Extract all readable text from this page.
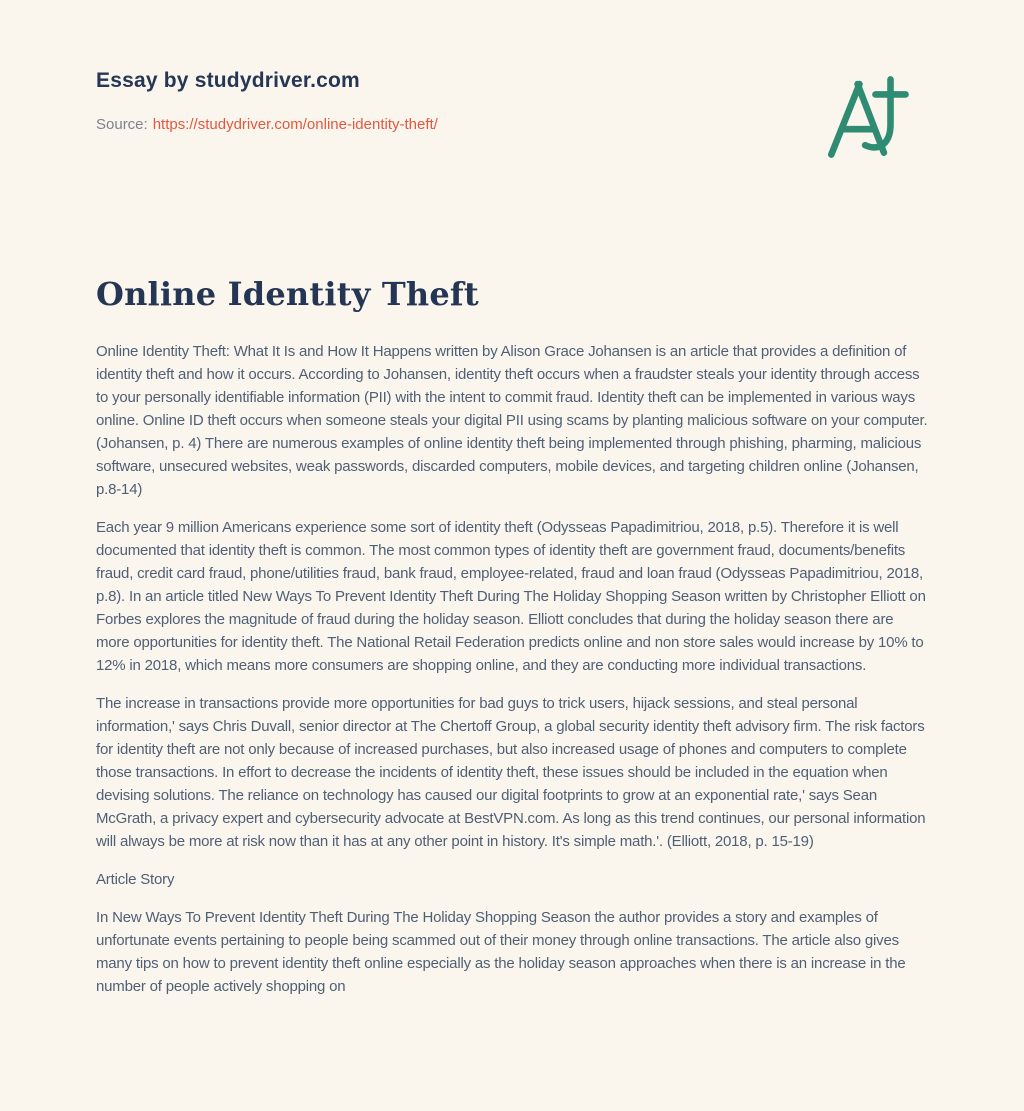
Essay by studydriver.com

Source: https://studydriver.com/online-identity-theft/

Online Identity Theft

Online Identity Theft: What It Is and How It Happens written by Alison Grace Johansen is an article that provides a definition of identity theft and how it occurs. According to Johansen, identity theft occurs when a fraudster steals your identity through access to your personally identifiable information (PII) with the intent to commit fraud. Identity theft can be implemented in various ways online. Online ID theft occurs when someone steals your digital PII using scams by planting malicious software on your computer.(Johansen, p. 4) There are numerous examples of online identity theft being implemented through phishing, pharming, malicious software, unsecured websites, weak passwords, discarded computers, mobile devices, and targeting children online (Johansen, p.8-14)

Each year 9 million Americans experience some sort of identity theft (Odysseas Papadimitriou, 2018, p.5). Therefore it is well documented that identity theft is common. The most common types of identity theft are government fraud, documents/benefits fraud, credit card fraud, phone/utilities fraud, bank fraud, employee-related, fraud and loan fraud (Odysseas Papadimitriou, 2018, p.8). In an article titled New Ways To Prevent Identity Theft During The Holiday Shopping Season written by Christopher Elliott on Forbes explores the magnitude of fraud during the holiday season. Elliott concludes that during the holiday season there are more opportunities for identity theft. The National Retail Federation predicts online and non store sales would increase by 10% to 12% in 2018, which means more consumers are shopping online, and they are conducting more individual transactions.

The increase in transactions provide more opportunities for bad guys to trick users, hijack sessions, and steal personal information,' says Chris Duvall, senior director at The Chertoff Group, a global security identity theft advisory firm. The risk factors for identity theft are not only because of increased purchases, but also increased usage of phones and computers to complete those transactions. In effort to decrease the incidents of identity theft, these issues should be included in the equation when devising solutions. The reliance on technology has caused our digital footprints to grow at an exponential rate,' says Sean McGrath, a privacy expert and cybersecurity advocate at BestVPN.com. As long as this trend continues, our personal information will always be more at risk now than it has at any other point in history. It's simple math.'. (Elliott, 2018, p. 15-19)

Article Story

In New Ways To Prevent Identity Theft During The Holiday Shopping Season the author provides a story and examples of unfortunate events pertaining to people being scammed out of their money through online transactions. The article also gives many tips on how to prevent identity theft online especially as the holiday season approaches when there is an increase in the number of people actively shopping on
